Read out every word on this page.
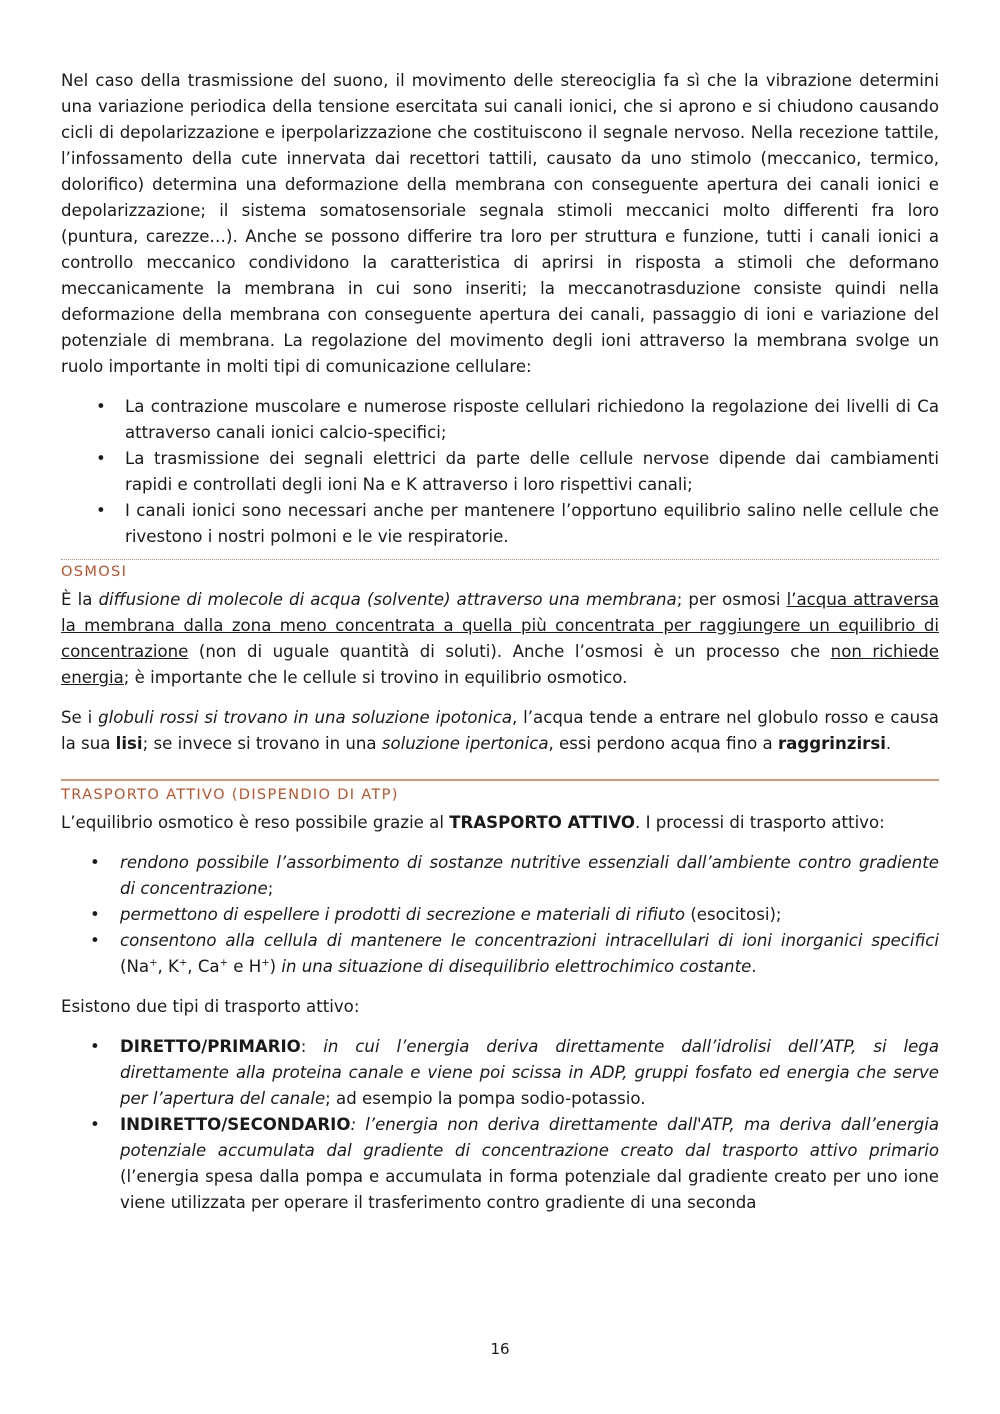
Nel caso della trasmissione del suono, il movimento delle stereociglia fa sì che la vibrazione determini una variazione periodica della tensione esercitata sui canali ionici, che si aprono e si chiudono causando cicli di depolarizzazione e iperpolarizzazione che costituiscono il segnale nervoso. Nella recezione tattile, l’infossamento della cute innervata dai recettori tattili, causato da uno stimolo (meccanico, termico, dolorifico) determina una deformazione della membrana con conseguente apertura dei canali ionici e depolarizzazione; il sistema somatosensoriale segnala stimoli meccanici molto differenti fra loro (puntura, carezze…). Anche se possono differire tra loro per struttura e funzione, tutti i canali ionici a controllo meccanico condividono la caratteristica di aprirsi in risposta a stimoli che deformano meccanicamente la membrana in cui sono inseriti; la meccanotrasduzione consiste quindi nella deformazione della membrana con conseguente apertura dei canali, passaggio di ioni e variazione del potenziale di membrana. La regolazione del movimento degli ioni attraverso la membrana svolge un ruolo importante in molti tipi di comunicazione cellulare:

• La contrazione muscolare e numerose risposte cellulari richiedono la regolazione dei livelli di Ca attraverso canali ionici calcio-specifici;
• La trasmissione dei segnali elettrici da parte delle cellule nervose dipende dai cambiamenti rapidi e controllati degli ioni Na e K attraverso i loro rispettivi canali;
• I canali ionici sono necessari anche per mantenere l’opportuno equilibrio salino nelle cellule che rivestono i nostri polmoni e le vie respiratorie.
OSMOSI

È la diffusione di molecole di acqua (solvente) attraverso una membrana; per osmosi l’acqua attraversa la membrana dalla zona meno concentrata a quella più concentrata per raggiungere un equilibrio di concentrazione (non di uguale quantità di soluti). Anche l’osmosi è un processo che non richiede energia; è importante che le cellule si trovino in equilibrio osmotico.

Se i globuli rossi si trovano in una soluzione ipotonica, l’acqua tende a entrare nel globulo rosso e causa la sua lisi; se invece si trovano in una soluzione ipertonica, essi perdono acqua fino a raggrinzirsi.

TRASPORTO ATTIVO (DISPENDIO DI ATP)

L’equilibrio osmotico è reso possibile grazie al TRASPORTO ATTIVO. I processi di trasporto attivo:

• rendono possibile l’assorbimento di sostanze nutritive essenziali dall’ambiente contro gradiente di concentrazione;
• permettono di espellere i prodotti di secrezione e materiali di rifiuto (esocitosi);
• consentono alla cellula di mantenere le concentrazioni intracellulari di ioni inorganici specifici (Na+, K+, Ca+ e H+) in una situazione di disequilibrio elettrochimico costante.

Esistono due tipi di trasporto attivo:

• DIRETTO/PRIMARIO: in cui l’energia deriva direttamente dall’idrolisi dell’ATP, si lega direttamente alla proteina canale e viene poi scissa in ADP, gruppi fosfato ed energia che serve per l’apertura del canale; ad esempio la pompa sodio-potassio.
• INDIRETTO/SECONDARIO: l’energia non deriva direttamente dall'ATP, ma deriva dall’energia potenziale accumulata dal gradiente di concentrazione creato dal trasporto attivo primario (l’energia spesa dalla pompa e accumulata in forma potenziale dal gradiente creato per uno ione viene utilizzata per operare il trasferimento contro gradiente di una seconda
16
